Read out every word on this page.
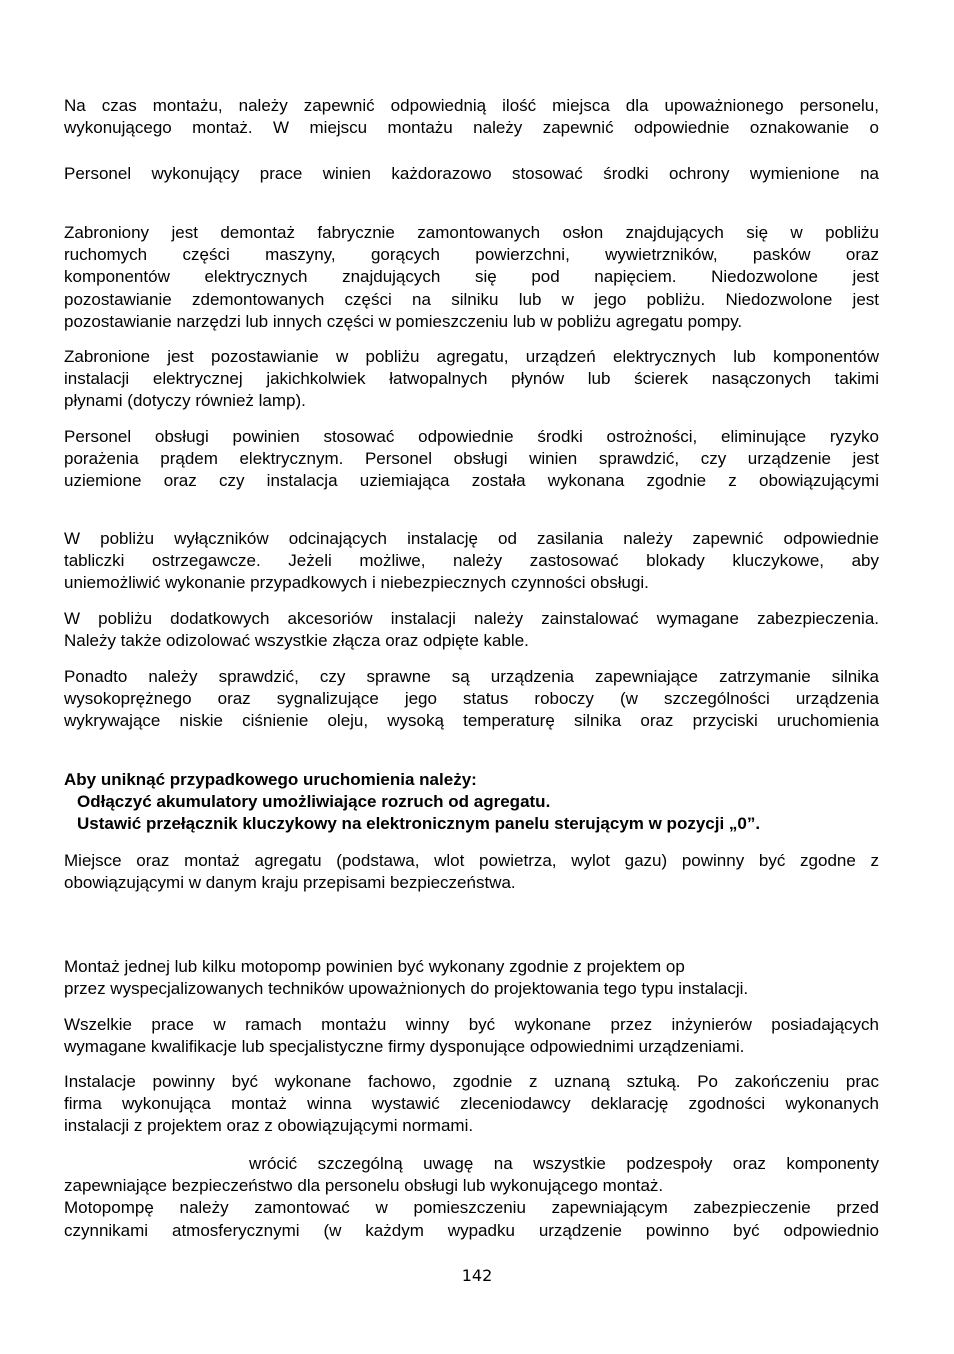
Na czas montażu, należy zapewnić odpowiednią ilość miejsca dla upoważnionego personelu,

wykonującego montaż. W miejscu montażu należy zapewnić odpowiednie oznakowanie o

Personel wykonujący prace winien każdorazowo stosować środki ochrony wymienione na

Zabroniony jest demontaż fabrycznie zamontowanych osłon znajdujących się w pobliżu

ruchomych części maszyny, gorących powierzchni, wywietrzników, pasków oraz

komponentów elektrycznych znajdujących się pod napięciem. Niedozwolone jest

pozostawianie zdemontowanych części na silniku lub w jego pobliżu. Niedozwolone jest

pozostawianie narzędzi lub innych części w pomieszczeniu lub w pobliżu agregatu pompy.

Zabronione jest pozostawianie w pobliżu agregatu, urządzeń elektrycznych lub komponentów

instalacji elektrycznej jakichkolwiek łatwopalnych płynów lub ścierek nasączonych takimi

płynami (dotyczy również lamp).

Personel obsługi powinien stosować odpowiednie środki ostrożności, eliminujące ryzyko

porażenia prądem elektrycznym. Personel obsługi winien sprawdzić, czy urządzenie jest

uziemione oraz czy instalacja uziemiająca została wykonana zgodnie z obowiązującymi

W pobliżu wyłączników odcinających instalację od zasilania należy zapewnić odpowiednie

tabliczki ostrzegawcze. Jeżeli możliwe, należy zastosować blokady kluczykowe, aby

uniemożliwić wykonanie przypadkowych i niebezpiecznych czynności obsługi.

W pobliżu dodatkowych akcesoriów instalacji należy zainstalować wymagane zabezpieczenia.

Należy także odizolować wszystkie złącza oraz odpięte kable.

Ponadto należy sprawdzić, czy sprawne są urządzenia zapewniające zatrzymanie silnika

wysokoprężnego oraz sygnalizujące jego status roboczy (w szczególności urządzenia

wykrywające niskie ciśnienie oleju, wysoką temperaturę silnika oraz przyciski uruchomienia

Aby uniknąć przypadkowego uruchomienia należy:

Odłączyć akumulatory umożliwiające rozruch od agregatu.

Ustawić przełącznik kluczykowy na elektronicznym panelu sterującym w pozycji „0”.

Miejsce oraz montaż agregatu (podstawa, wlot powietrza, wylot gazu) powinny być zgodne z

obowiązującymi w danym kraju przepisami bezpieczeństwa.

Montaż jednej lub kilku motopomp powinien być wykonany zgodnie z projektem op

przez wyspecjalizowanych techników upoważnionych do projektowania tego typu instalacji.

Wszelkie prace w ramach montażu winny być wykonane przez inżynierów posiadających

wymagane kwalifikacje lub specjalistyczne firmy dysponujące odpowiednimi urządzeniami.

Instalacje powinny być wykonane fachowo, zgodnie z uznaną sztuką. Po zakończeniu prac

firma wykonująca montaż winna wystawić zleceniodawcy deklarację zgodności wykonanych

instalacji z projektem oraz z obowiązującymi normami.

wrócić szczególną uwagę na wszystkie podzespoły oraz komponenty

zapewniające bezpieczeństwo dla personelu obsługi lub wykonującego montaż.

Motopompę należy zamontować w pomieszczeniu zapewniającym zabezpieczenie przed

czynnikami atmosferycznymi (w każdym wypadku urządzenie powinno być odpowiednio

142
